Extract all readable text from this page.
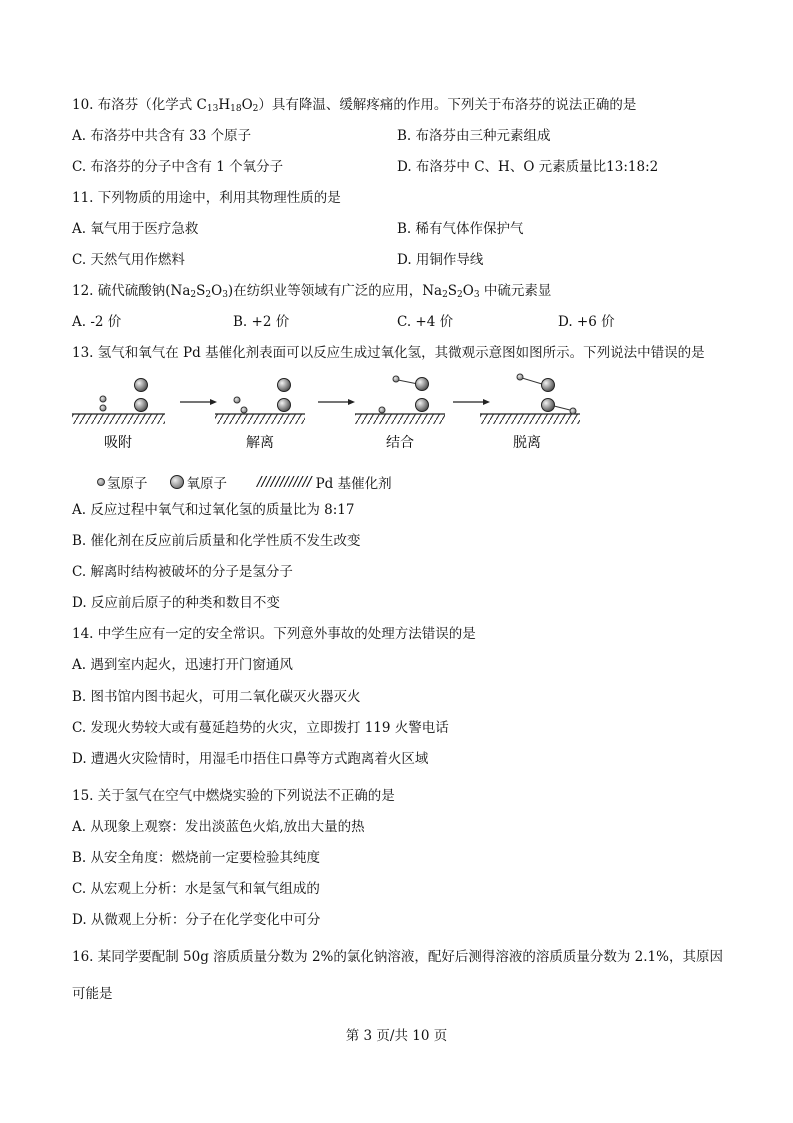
10. 布洛芬（化学式 $C_{13}H_{18}O_2$）具有降温、缓解疼痛的作用。下列关于布洛芬的说法正确的是
A. 布洛芬中共含有 33 个原子	B. 布洛芬由三种元素组成
C. 布洛芬的分子中含有 1 个氧分子	D. 布洛芬中 C、H、O 元素质量比13:18:2
11. 下列物质的用途中，利用其物理性质的是
A. 氧气用于医疗急救	B. 稀有气体作保护气
C. 天然气用作燃料	D. 用铜作导线
12. 硫代硫酸钠$(Na_2S_2O_3)$在纺织业等领域有广泛的应用，$Na_2S_2O_3$ 中硫元素显
A. -2 价	B. +2 价	C. +4 价	D. +6 价
13. 氢气和氧气在 Pd 基催化剂表面可以反应生成过氧化氢，其微观示意图如图所示。下列说法中错误的是
吸附	解离	结合	脱离
氢原子	氧原子 //////////// Pd 基催化剂
A. 反应过程中氧气和过氧化氢的质量比为 8:17
B. 催化剂在反应前后质量和化学性质不发生改变
C. 解离时结构被破坏的分子是氢分子
D. 反应前后原子的种类和数目不变
14. 中学生应有一定的安全常识。下列意外事故的处理方法错误的是
A. 遇到室内起火，迅速打开门窗通风
B. 图书馆内图书起火，可用二氧化碳灭火器灭火
C. 发现火势较大或有蔓延趋势的火灾，立即拨打 119 火警电话
D. 遭遇火灾险情时，用湿毛巾捂住口鼻等方式跑离着火区域
15. 关于氢气在空气中燃烧实验的下列说法不正确的是
A. 从现象上观察：发出淡蓝色火焰,放出大量的热
B. 从安全角度：燃烧前一定要检验其纯度
C. 从宏观上分析：水是氢气和氧气组成的
D. 从微观上分析：分子在化学变化中可分
16. 某同学要配制 50g 溶质质量分数为 2%的氯化钠溶液，配好后测得溶液的溶质质量分数为 2.1%，其原因
可能是
第 3 页/共 10 页
